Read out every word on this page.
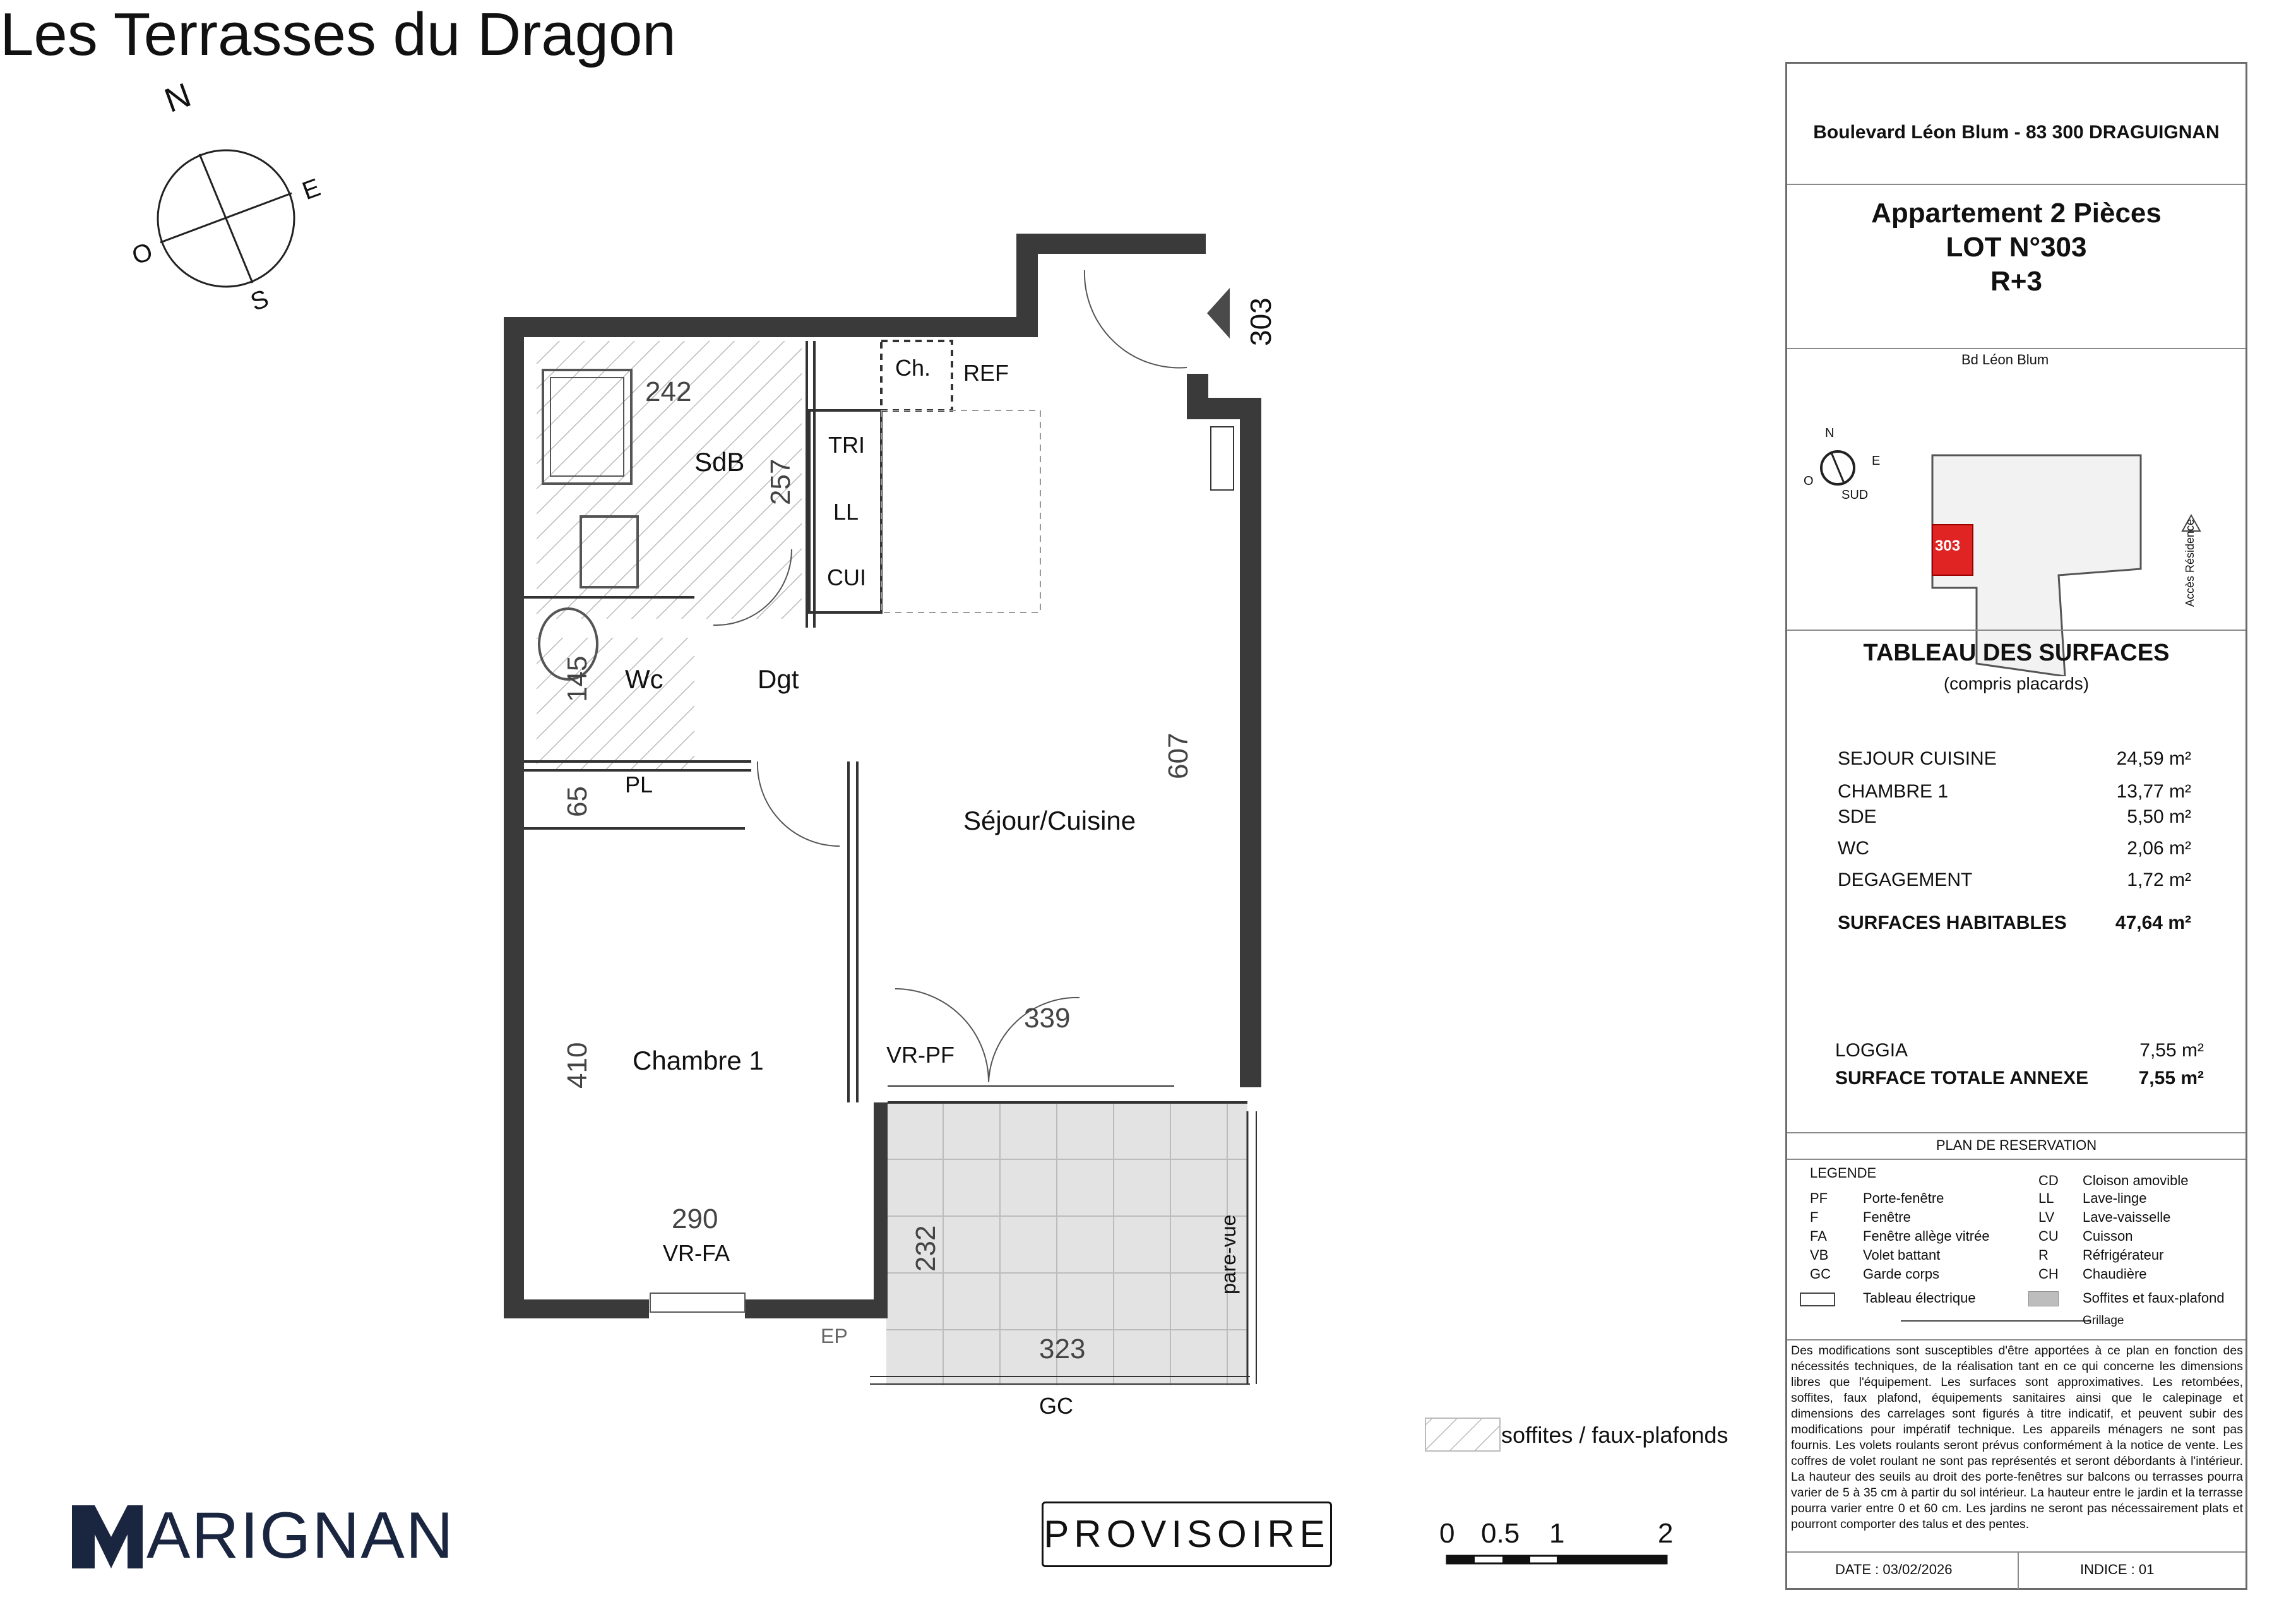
Les Terrasses du Dragon
N
E
S
O
SdB
Wc	Dgt
PL
Séjour/Cuisine
Chambre 1
Ch. REF
TRI
LL
CUI
242
257
145
65
607
339
410
290
232
323
VR-PF
VR-FA	pare-vue
EP
GC
303
soffites / faux-plafonds
PROVISOIRE	0 0.5 1	2
ARIGNAN
Boulevard Léon Blum - 83 300 DRAGUIGNAN
Appartement 2 Pièces
LOT N°303
R+3
Bd Léon Blum
N
E
O
SUD
303	Accès Résidence
TABLEAU DES SURFACES
(compris placards)
SEJOUR CUISINE	24,59 m²
CHAMBRE 1	13,77 m²
SDE	5,50 m²
WC	2,06 m²
DEGAGEMENT	1,72 m²
SURFACES HABITABLES	47,64 m²
LOGGIA	7,55 m²
SURFACE TOTALE ANNEXE	7,55 m²
PLAN DE RESERVATION
LEGENDE
PF	Porte-fenêtre
F	Fenêtre
FA	Fenêtre allège vitrée
VB Volet battant
GC Garde corps
CD Cloison amovible
LL Lave-linge
LV Lave-vaisselle
CU Cuisson
R Réfrigérateur
CH Chaudière
Tableau électrique	Soffites et faux-plafond
Grillage
Des modifications sont susceptibles d'être apportées à ce plan en fonction des nécessités techniques, de la réalisation tant en ce qui concerne les dimensions libres que l'équipement. Les surfaces sont approximatives. Les retombées, soffites, faux plafond, équipements sanitaires ainsi que le calepinage et dimensions des carrelages sont figurés à titre indicatif, et peuvent subir des modifications pour impératif technique. Les appareils ménagers ne sont pas fournis. Les volets roulants seront prévus conformément à la notice de vente. Les coffres de volet roulant ne sont pas représentés et seront débordants à l'intérieur. La hauteur des seuils au droit des porte-fenêtres sur balcons ou terrasses pourra varier de 5 à 35 cm à partir du sol intérieur. La hauteur entre le jardin et la terrasse pourra varier entre 0 et 60 cm. Les jardins ne seront pas nécessairement plats et pourront comporter des talus et des pentes.
DATE : 03/02/2026	INDICE : 01
